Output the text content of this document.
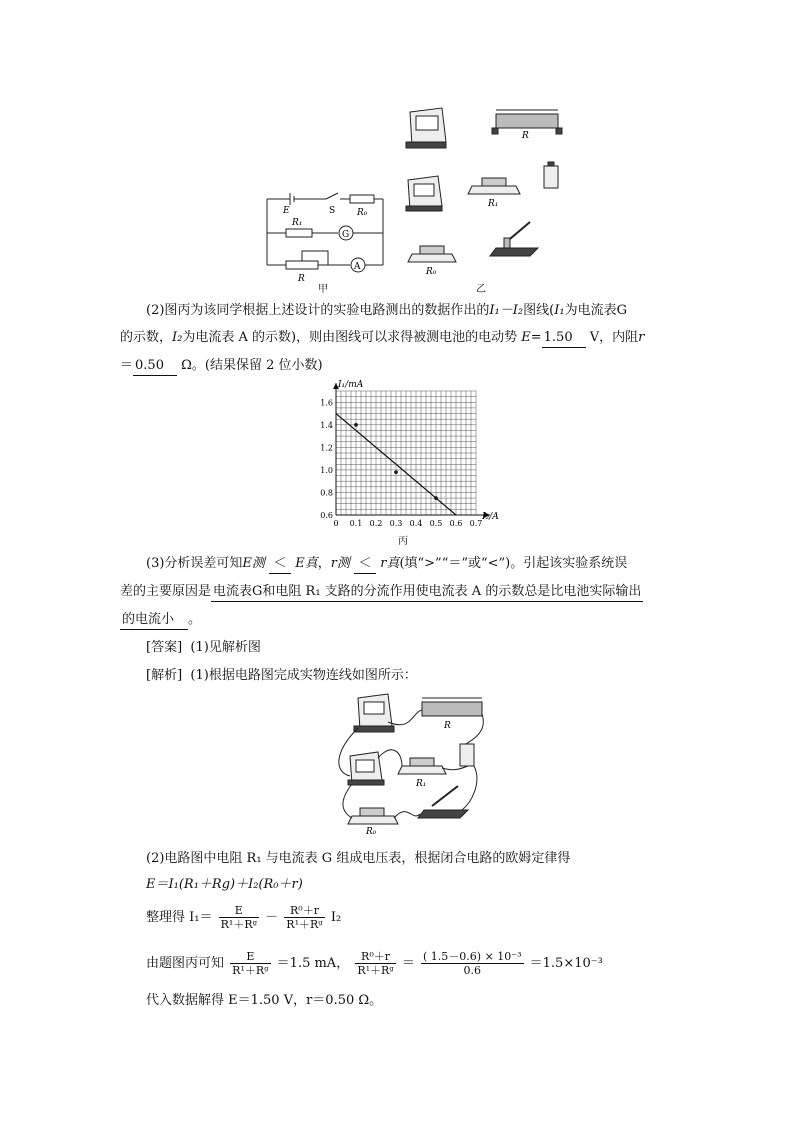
E	S R₀
R₁
G
R
A
甲
R
R₁
R₀
乙
(2)图丙为该同学根据上述设计的实验电路测出的数据作出的I₁－I₂图线(I₁为电流表G
的示数，I₂为电流表 A 的示数)，则由图线可以求得被测电池的电动势 E= 1.50 V，内阻r
＝ 0.50 Ω。(结果保留 2 位小数)
0 0.1 0.2 0.3 0.4 0.5 0.6 0.7
0.6
0.8
1.0
1.2
1.4
1.6
I₁/mA
I₂/A
丙
(3)分析误差可知E测 ＜ E真，r测 ＜ r真(填“>”“＝”或“<”)。引起该实验系统误
差的主要原因是 电流表G和电阻 R₁ 支路的分流作用使电流表 A 的示数总是比电池实际输出
的电流小 。
[答案] (1)见解析图
[解析] (1)根据电路图完成实物连线如图所示：
R
R₁
R₀
(2)电路图中电阻 R₁ 与电流表 G 组成电压表，根据闭合电路的欧姆定律得
E＝I₁(R₁＋Rg)＋I₂(R₀＋r)
整理得 $I_1= \frac{E}{\text{R¹＋Rᵍ}} - \frac{\text{R⁰＋r}}{\text{R¹＋Rᵍ}} I_2$
由题图丙可知 $\frac{E}{\text{R¹＋Rᵍ}} =1.5$ mA， $\frac{\text{R⁰＋r}}{\text{R¹＋Rᵍ}} = \frac{\text{( 1.5－0.6) × 10⁻³}}{0.6} =1.5\times 10^{-3}$
代入数据解得 E＝1.50 V，r＝0.50 Ω。
